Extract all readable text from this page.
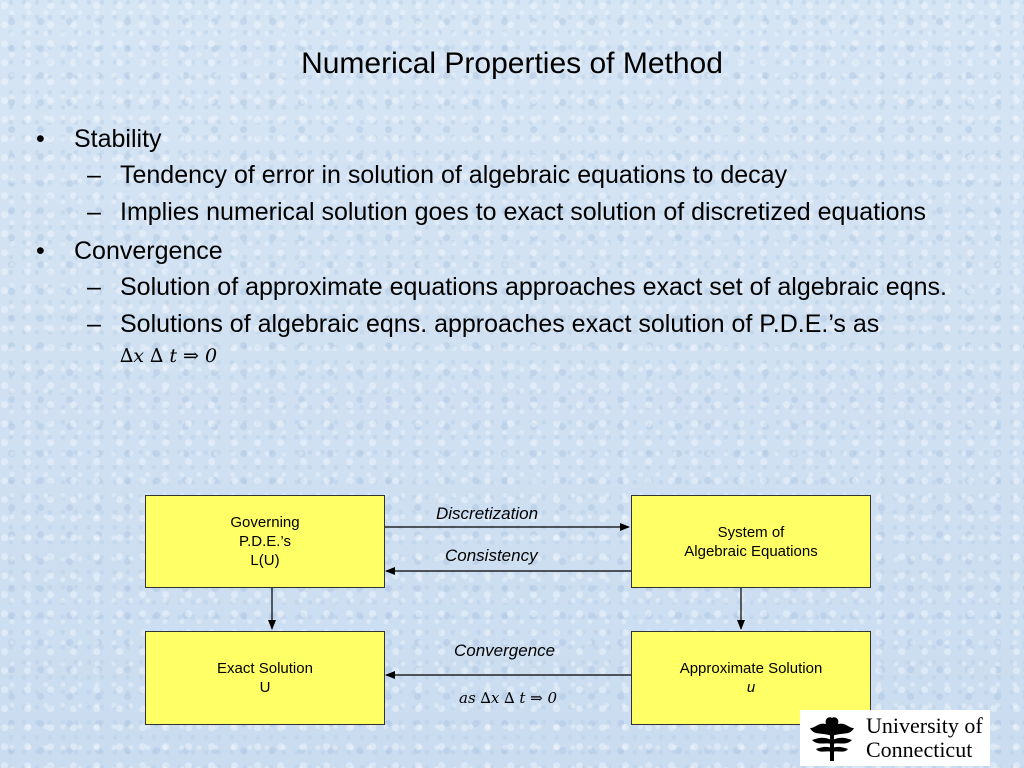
Numerical Properties of Method
• Stability
– Tendency of error in solution of algebraic equations to decay
– Implies numerical solution goes to exact solution of discretized equations
• Convergence
– Solution of approximate equations approaches exact set of algebraic eqns.
– Solutions of algebraic eqns. approaches exact solution of P.D.E.’s as
∆x ∆ t ⇒ 0
Governing
P.D.E.’s
L(U)
System of
Algebraic Equations
Exact Solution
U
Approximate Solution
u
Discretization
Consistency
Convergence
as ∆x ∆ t ⇒ 0
University of
Connecticut
